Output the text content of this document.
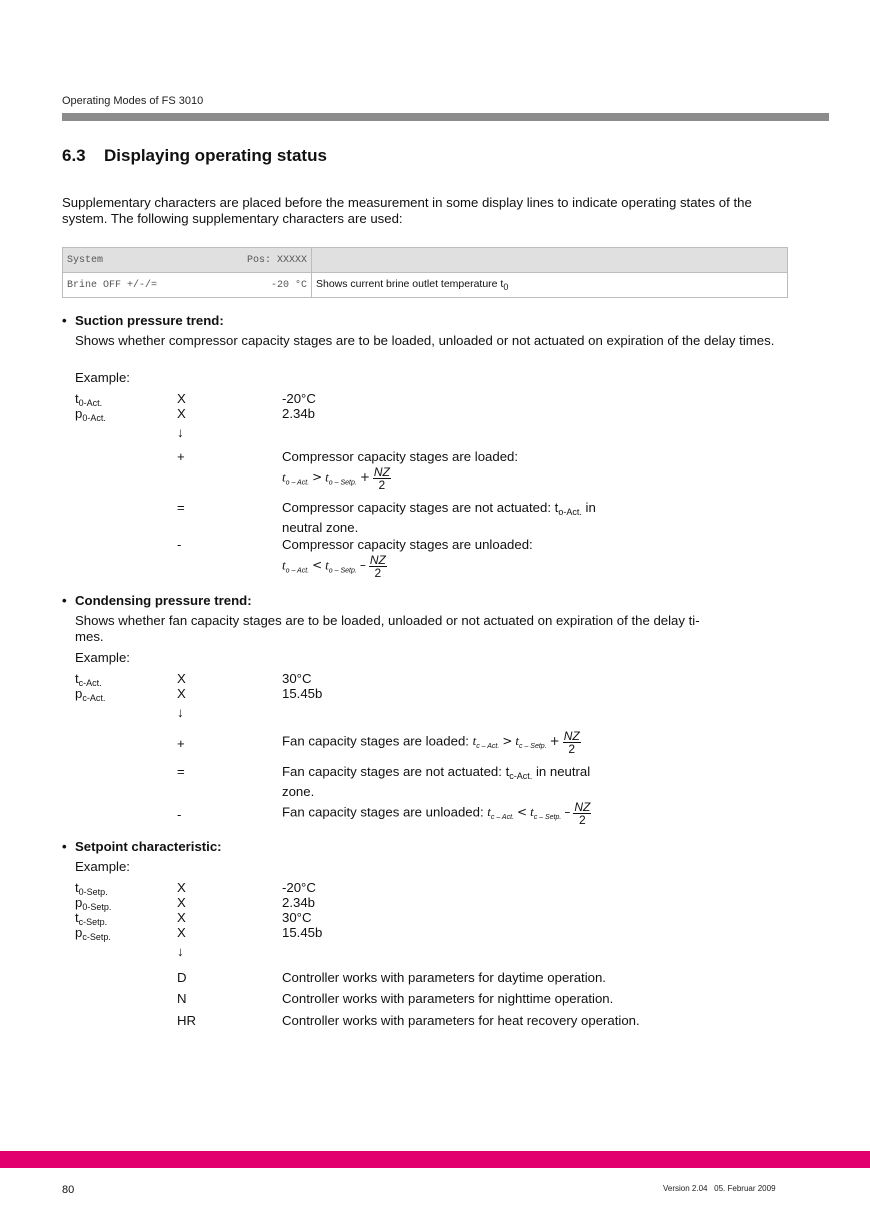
Operating Modes of FS 3010
6.3 Displaying operating status
Supplementary characters are placed before the measurement in some display lines to indicate operating states of the system. The following supplementary characters are used:
System Pos: XXXXX	

Brine OFF +/-/= -20 °C	Shows current brine outlet temperature $t_0$
• Suction pressure trend:
Shows whether compressor capacity stages are to be loaded, unloaded or not actuated on expiration of the delay times.
Example:
$t_{0-Act.}$	X	-20°C
$p_{0-Act.}$	X	2.34b
↓
+	Compressor capacity stages are loaded:
$t_{o - Act.} > t_{o - Setp.} + \frac{NZ}{2}$
=	Compressor capacity stages are not actuated: $t_{o-Act.}$ in
neutral zone.
-	Compressor capacity stages are unloaded:
$t_{o - Act.} < t_{o - Setp.} - \frac{NZ}{2}$
• Condensing pressure trend:
Shows whether fan capacity stages are to be loaded, unloaded or not actuated on expiration of the delay ti-
mes.
Example:
$t_{c-Act.}$	X	30°C
$p_{c-Act.}$	X	15.45b
↓
+	Fan capacity stages are loaded: $t_{c - Act.} > t_{c - Setp.} + \frac{NZ}{2}$
=	Fan capacity stages are not actuated: $t_{c-Act.}$ in neutral
zone.
-	Fan capacity stages are unloaded: $t_{c - Act.} < t_{c - Setp.} - \frac{NZ}{2}$
• Setpoint characteristic:
Example:
$t_{0-Setp.}$	X	-20°C
$p_{0-Setp.}$	X	2.34b
$t_{c-Setp.}$	X	30°C
$p_{c-Setp.}$	X	15.45b
↓
D	Controller works with parameters for daytime operation.
N	Controller works with parameters for nighttime operation.
HR	Controller works with parameters for heat recovery operation.
80	Version 2.04   05. Februar 2009
